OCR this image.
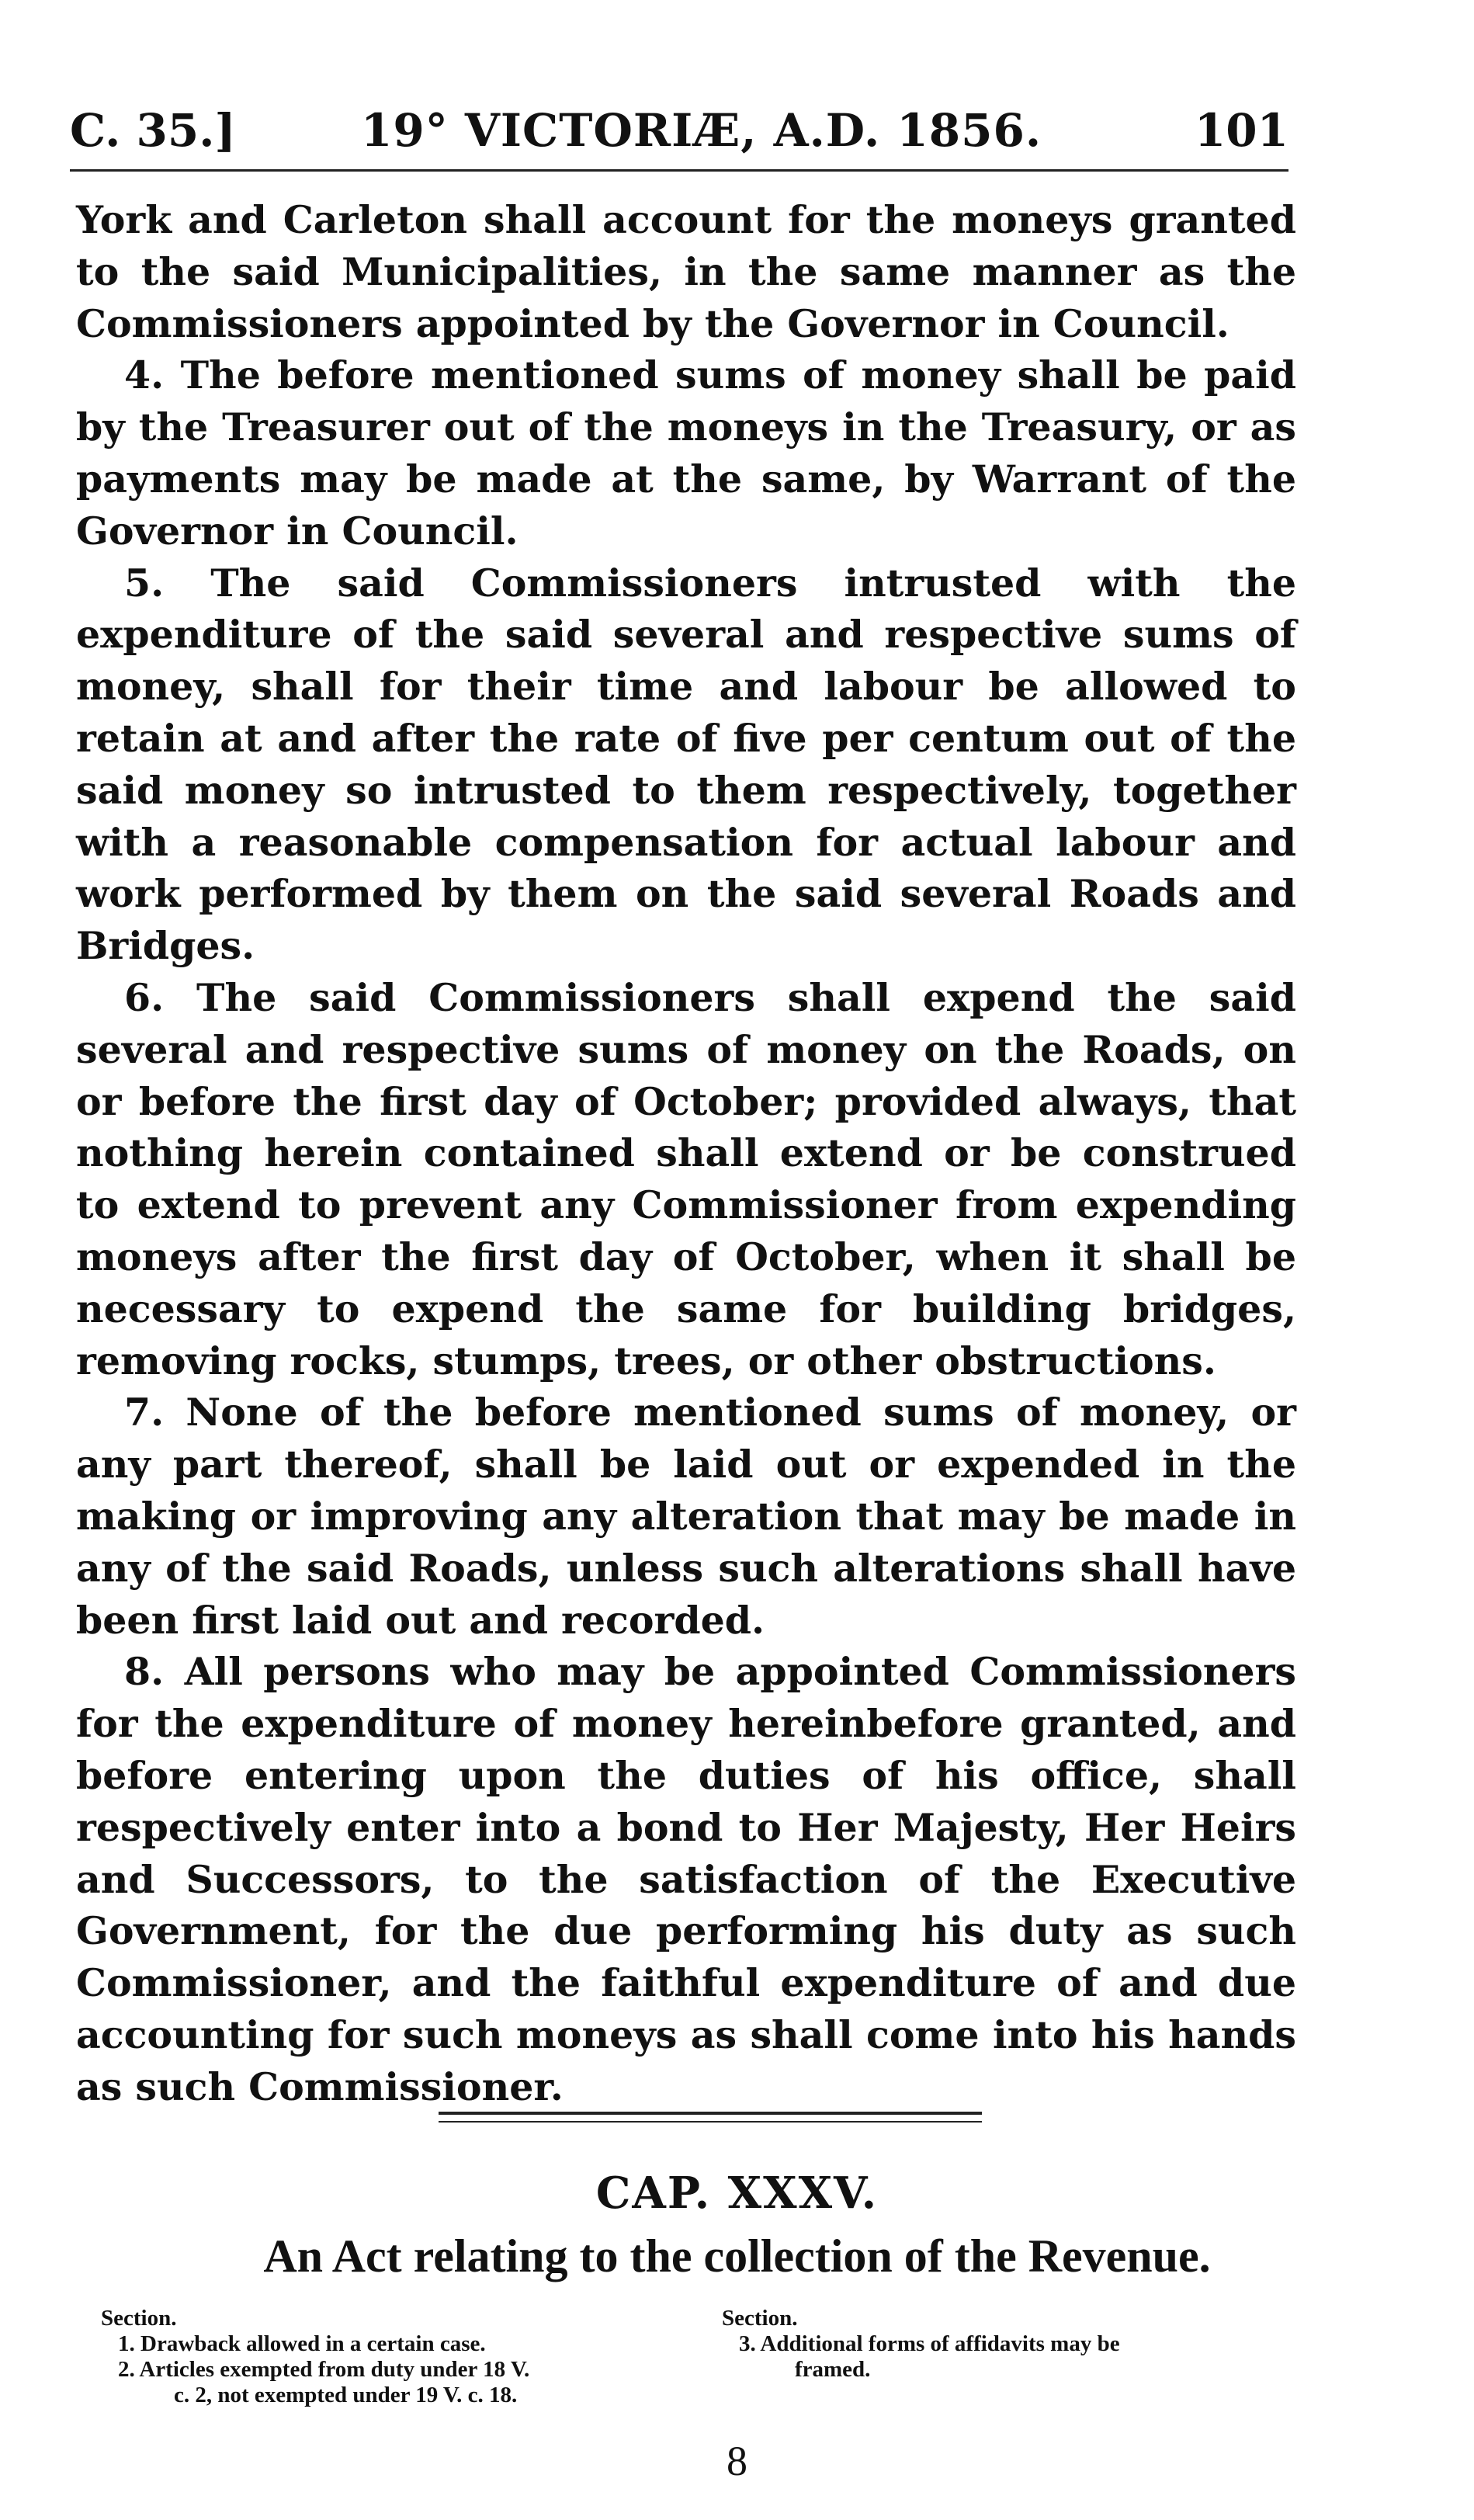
C. 35.]	19° VICTORIÆ, A.D. 1856.	101

York and Carleton shall account for the moneys granted to the said Municipalities, in the same manner as the Commissioners appointed by the Governor in Council.

4. The before mentioned sums of money shall be paid by the Treasurer out of the moneys in the Treasury, or as payments may be made at the same, by Warrant of the Governor in Council.

5. The said Commissioners intrusted with the expenditure of the said several and respective sums of money, shall for their time and labour be allowed to retain at and after the rate of five per centum out of the said money so intrusted to them respectively, together with a reasonable compensation for actual labour and work performed by them on the said several Roads and Bridges.

6. The said Commissioners shall expend the said several and respective sums of money on the Roads, on or before the first day of October; provided always, that nothing herein contained shall extend or be construed to extend to prevent any Commissioner from expending moneys after the first day of October, when it shall be necessary to expend the same for building bridges, removing rocks, stumps, trees, or other obstructions.

7. None of the before mentioned sums of money, or any part thereof, shall be laid out or expended in the making or improving any alteration that may be made in any of the said Roads, unless such alterations shall have been first laid out and recorded.

8. All persons who may be appointed Commissioners for the expenditure of money hereinbefore granted, and before entering upon the duties of his office, shall respectively enter into a bond to Her Majesty, Her Heirs and Successors, to the satisfaction of the Executive Government, for the due performing his duty as such Commissioner, and the faithful expenditure of and due accounting for such moneys as shall come into his hands as such Commissioner.

CAP. XXXV.
An Act relating to the collection of the Revenue.
Section.
1. Drawback allowed in a certain case.
2. Articles exempted from duty under 18 V.
c. 2, not exempted under 19 V. c. 18.
Section.
3. Additional forms of affidavits may be
framed.
8
